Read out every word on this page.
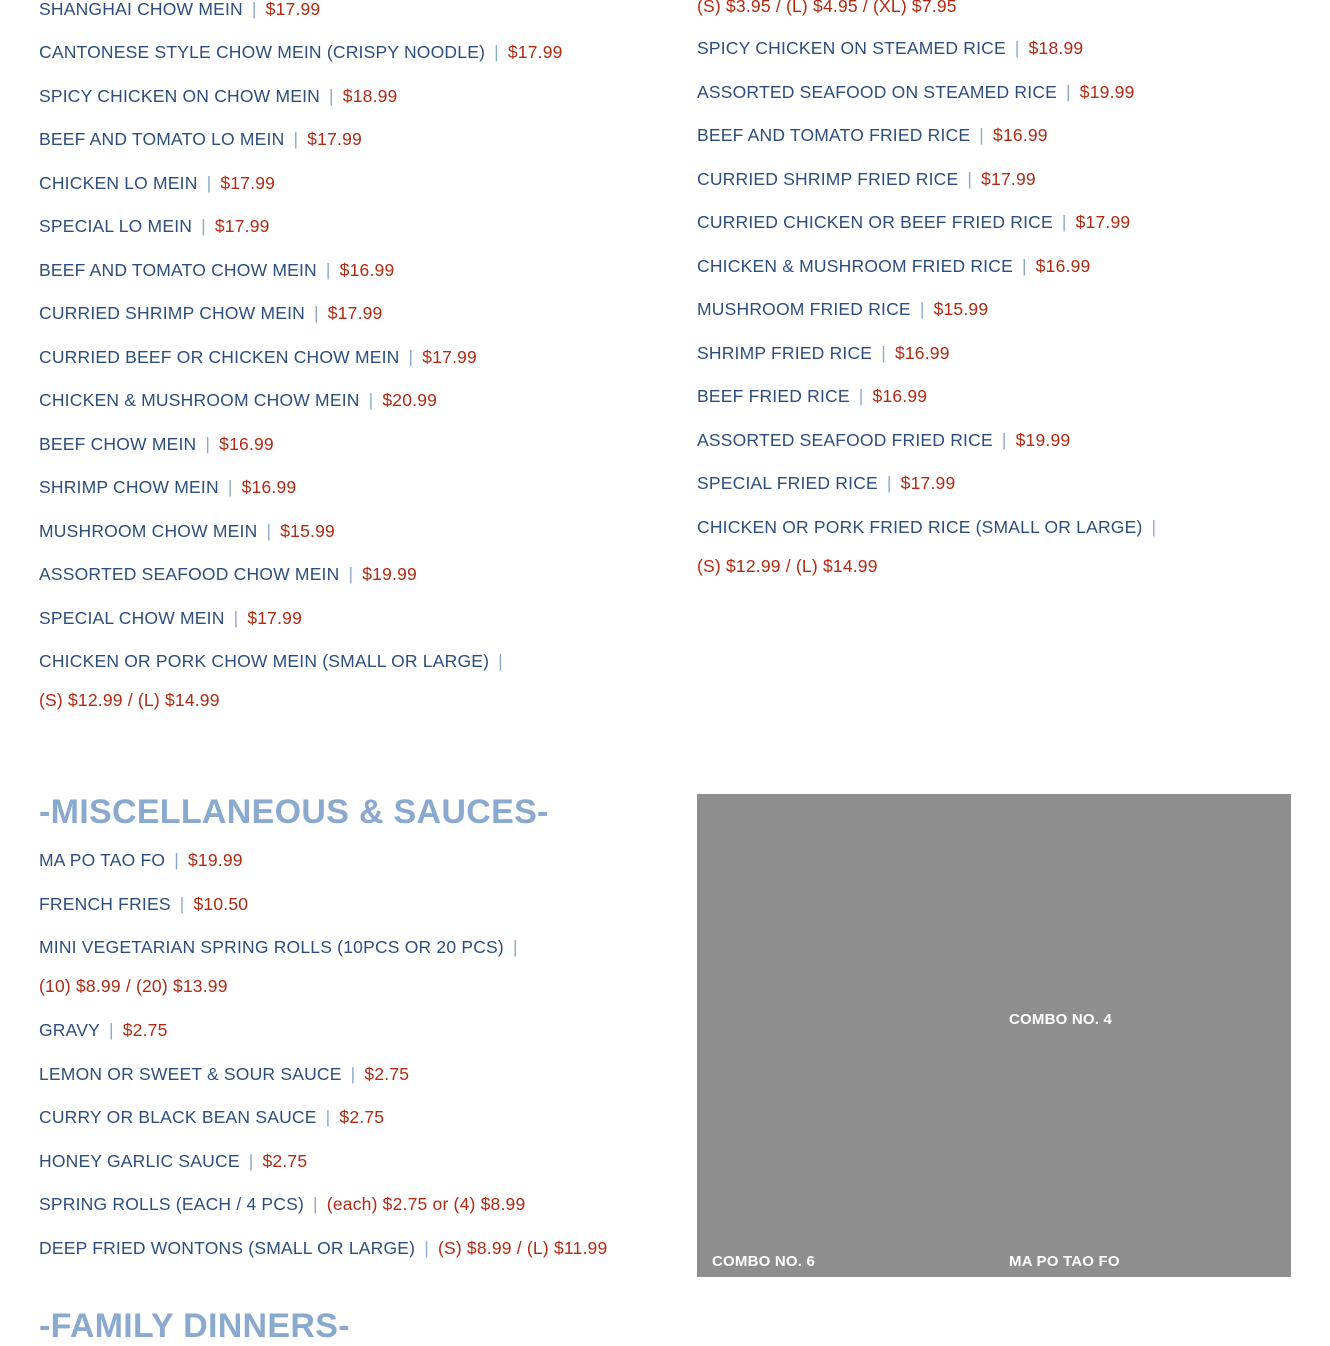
SHANGHAI CHOW MEIN | $17.99
CANTONESE STYLE CHOW MEIN (CRISPY NOODLE) | $17.99
SPICY CHICKEN ON CHOW MEIN | $18.99
BEEF AND TOMATO LO MEIN | $17.99
CHICKEN LO MEIN | $17.99
SPECIAL LO MEIN | $17.99
BEEF AND TOMATO CHOW MEIN | $16.99
CURRIED SHRIMP CHOW MEIN | $17.99
CURRIED BEEF OR CHICKEN CHOW MEIN | $17.99
CHICKEN & MUSHROOM CHOW MEIN | $20.99
BEEF CHOW MEIN | $16.99
SHRIMP CHOW MEIN | $16.99
MUSHROOM CHOW MEIN | $15.99
ASSORTED SEAFOOD CHOW MEIN | $19.99
SPECIAL CHOW MEIN | $17.99
CHICKEN OR PORK CHOW MEIN (SMALL OR LARGE) |
(S) $12.99 / (L) $14.99
(S) $3.95 / (L) $4.95 / (XL) $7.95
SPICY CHICKEN ON STEAMED RICE | $18.99
ASSORTED SEAFOOD ON STEAMED RICE | $19.99
BEEF AND TOMATO FRIED RICE | $16.99
CURRIED SHRIMP FRIED RICE | $17.99
CURRIED CHICKEN OR BEEF FRIED RICE | $17.99
CHICKEN & MUSHROOM FRIED RICE | $16.99
MUSHROOM FRIED RICE | $15.99
SHRIMP FRIED RICE | $16.99
BEEF FRIED RICE | $16.99
ASSORTED SEAFOOD FRIED RICE | $19.99
SPECIAL FRIED RICE | $17.99
CHICKEN OR PORK FRIED RICE (SMALL OR LARGE) |
(S) $12.99 / (L) $14.99
-MISCELLANEOUS & SAUCES-
MA PO TAO FO | $19.99
FRENCH FRIES | $10.50
MINI VEGETARIAN SPRING ROLLS (10PCS OR 20 PCS) |
(10) $8.99 / (20) $13.99
GRAVY | $2.75
LEMON OR SWEET & SOUR SAUCE | $2.75
CURRY OR BLACK BEAN SAUCE | $2.75
HONEY GARLIC SAUCE | $2.75
SPRING ROLLS (EACH / 4 PCS) | (each) $2.75 or (4) $8.99
DEEP FRIED WONTONS (SMALL OR LARGE) | (S) $8.99 / (L) $11.99
COMBO NO. 4
COMBO NO. 6	MA PO TAO FO
-FAMILY DINNERS-
